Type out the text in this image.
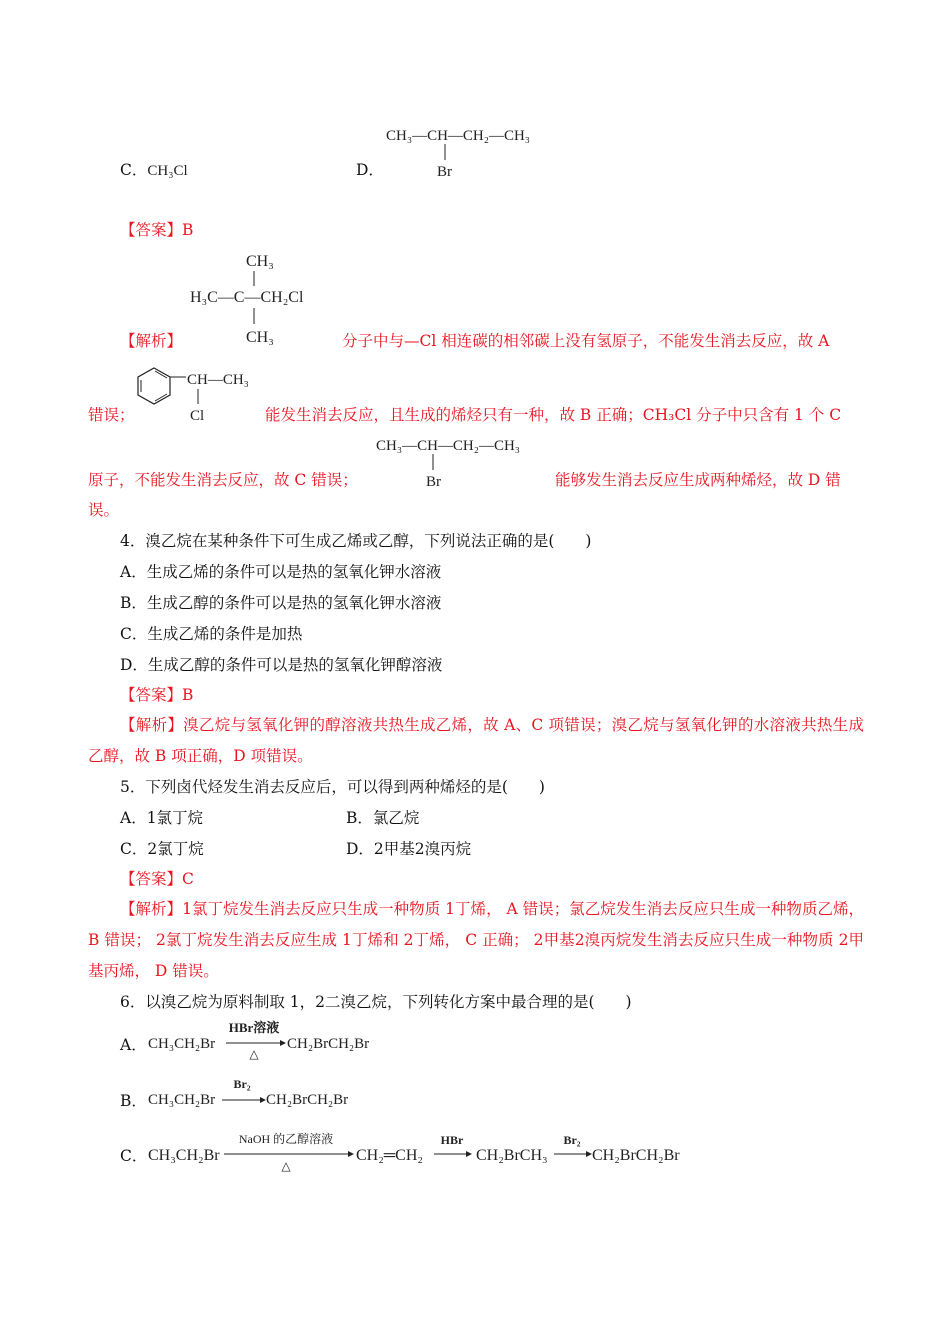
C．CH₃Cl	D．
CH₃—CH—CH₂—CH₃
Br
【答案】B
CH₃
H₃C—C—CH₂Cl
CH₃
【解析】	分子中与—Cl 相连碳的相邻碳上没有氢原子，不能发生消去反应，故 A
CH—CH₃
Cl
错误；	能发生消去反应，且生成的烯烃只有一种，故 B 正确；CH₃Cl 分子中只含有 1 个 C
CH₃—CH—CH₂—CH₃
Br
原子，不能发生消去反应，故 C 错误；	能够发生消去反应生成两种烯烃，故 D 错
误。
4．溴乙烷在某种条件下可生成乙烯或乙醇，下列说法正确的是(　　)
A．生成乙烯的条件可以是热的氢氧化钾水溶液
B．生成乙醇的条件可以是热的氢氧化钾水溶液
C．生成乙烯的条件是加热
D．生成乙醇的条件可以是热的氢氧化钾醇溶液
【答案】B
【解析】溴乙烷与氢氧化钾的醇溶液共热生成乙烯，故 A、C 项错误；溴乙烷与氢氧化钾的水溶液共热生成乙醇，故 B 项正确，D 项错误。
5．下列卤代烃发生消去反应后，可以得到两种烯烃的是(　　)
A．1氯丁烷	B．氯乙烷
C．2氯丁烷	D．2甲基2溴丙烷
【答案】C
【解析】1氯丁烷发生消去反应只生成一种物质 1丁烯， A 错误；氯乙烷发生消去反应只生成一种物质乙烯， B 错误； 2氯丁烷发生消去反应生成 1丁烯和 2丁烯， C 正确； 2甲基2溴丙烷发生消去反应只生成一种物质 2甲基丙烯， D 错误。
6．以溴乙烷为原料制取 1，2二溴乙烷，下列转化方案中最合理的是(　　)
A． CH₃CH₂Br
HBr溶液
△
CH₂BrCH₂Br
B． CH₃CH₂Br
Br₂
CH₂BrCH₂Br
C． CH₃CH₂Br
NaOH 的乙醇溶液
△
CH₂═CH₂
HBr
CH₂BrCH₃
Br₂
CH₂BrCH₂Br
